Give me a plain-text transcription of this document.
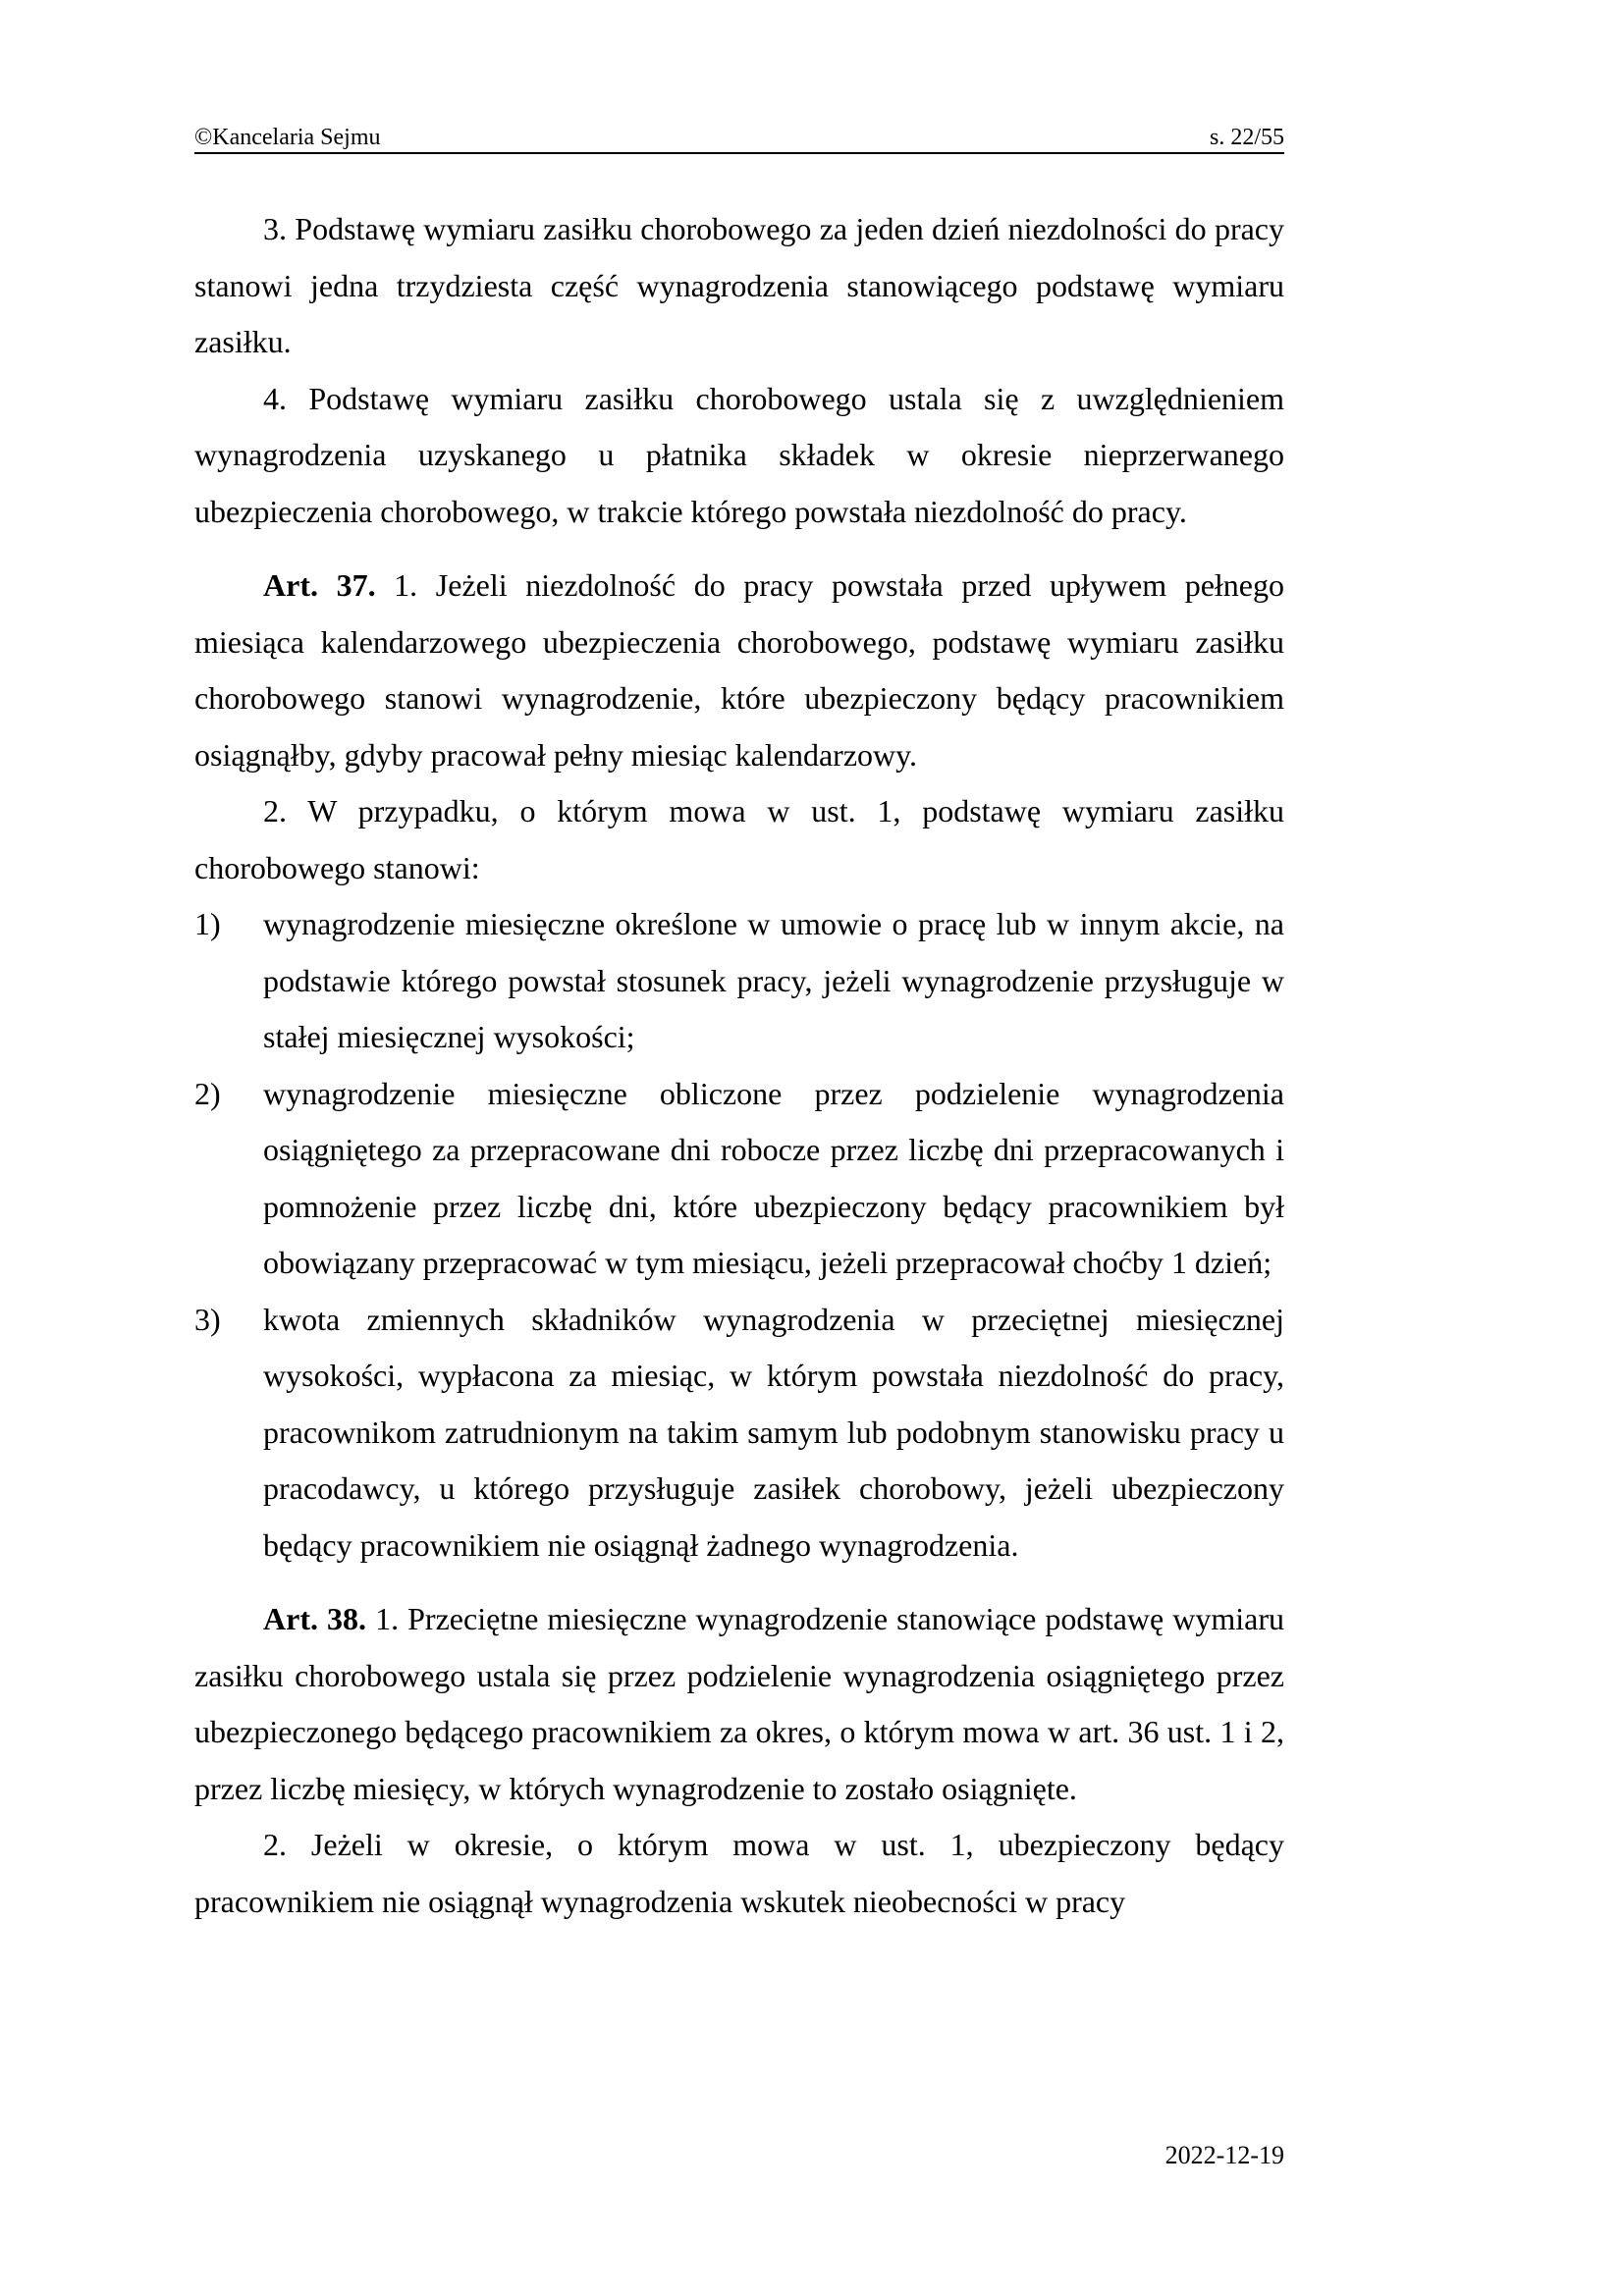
©Kancelaria Sejmu	s. 22/55

3. Podstawę wymiaru zasiłku chorobowego za jeden dzień niezdolności do pracy stanowi jedna trzydziesta część wynagrodzenia stanowiącego podstawę wymiaru zasiłku.

4. Podstawę wymiaru zasiłku chorobowego ustala się z uwzględnieniem wynagrodzenia uzyskanego u płatnika składek w okresie nieprzerwanego ubezpieczenia chorobowego, w trakcie którego powstała niezdolność do pracy.

Art. 37. 1. Jeżeli niezdolność do pracy powstała przed upływem pełnego miesiąca kalendarzowego ubezpieczenia chorobowego, podstawę wymiaru zasiłku chorobowego stanowi wynagrodzenie, które ubezpieczony będący pracownikiem osiągnąłby, gdyby pracował pełny miesiąc kalendarzowy.

2. W przypadku, o którym mowa w ust. 1, podstawę wymiaru zasiłku chorobowego stanowi:

1) wynagrodzenie miesięczne określone w umowie o pracę lub w innym akcie, na podstawie którego powstał stosunek pracy, jeżeli wynagrodzenie przysługuje w stałej miesięcznej wysokości;
2) wynagrodzenie miesięczne obliczone przez podzielenie wynagrodzenia osiągniętego za przepracowane dni robocze przez liczbę dni przepracowanych i pomnożenie przez liczbę dni, które ubezpieczony będący pracownikiem był obowiązany przepracować w tym miesiącu, jeżeli przepracował choćby 1 dzień;
3) kwota zmiennych składników wynagrodzenia w przeciętnej miesięcznej wysokości, wypłacona za miesiąc, w którym powstała niezdolność do pracy, pracownikom zatrudnionym na takim samym lub podobnym stanowisku pracy u pracodawcy, u którego przysługuje zasiłek chorobowy, jeżeli ubezpieczony będący pracownikiem nie osiągnął żadnego wynagrodzenia.

Art. 38. 1. Przeciętne miesięczne wynagrodzenie stanowiące podstawę wymiaru zasiłku chorobowego ustala się przez podzielenie wynagrodzenia osiągniętego przez ubezpieczonego będącego pracownikiem za okres, o którym mowa w art. 36 ust. 1 i 2, przez liczbę miesięcy, w których wynagrodzenie to zostało osiągnięte.

2. Jeżeli w okresie, o którym mowa w ust. 1, ubezpieczony będący pracownikiem nie osiągnął wynagrodzenia wskutek nieobecności w pracy

2022-12-19
